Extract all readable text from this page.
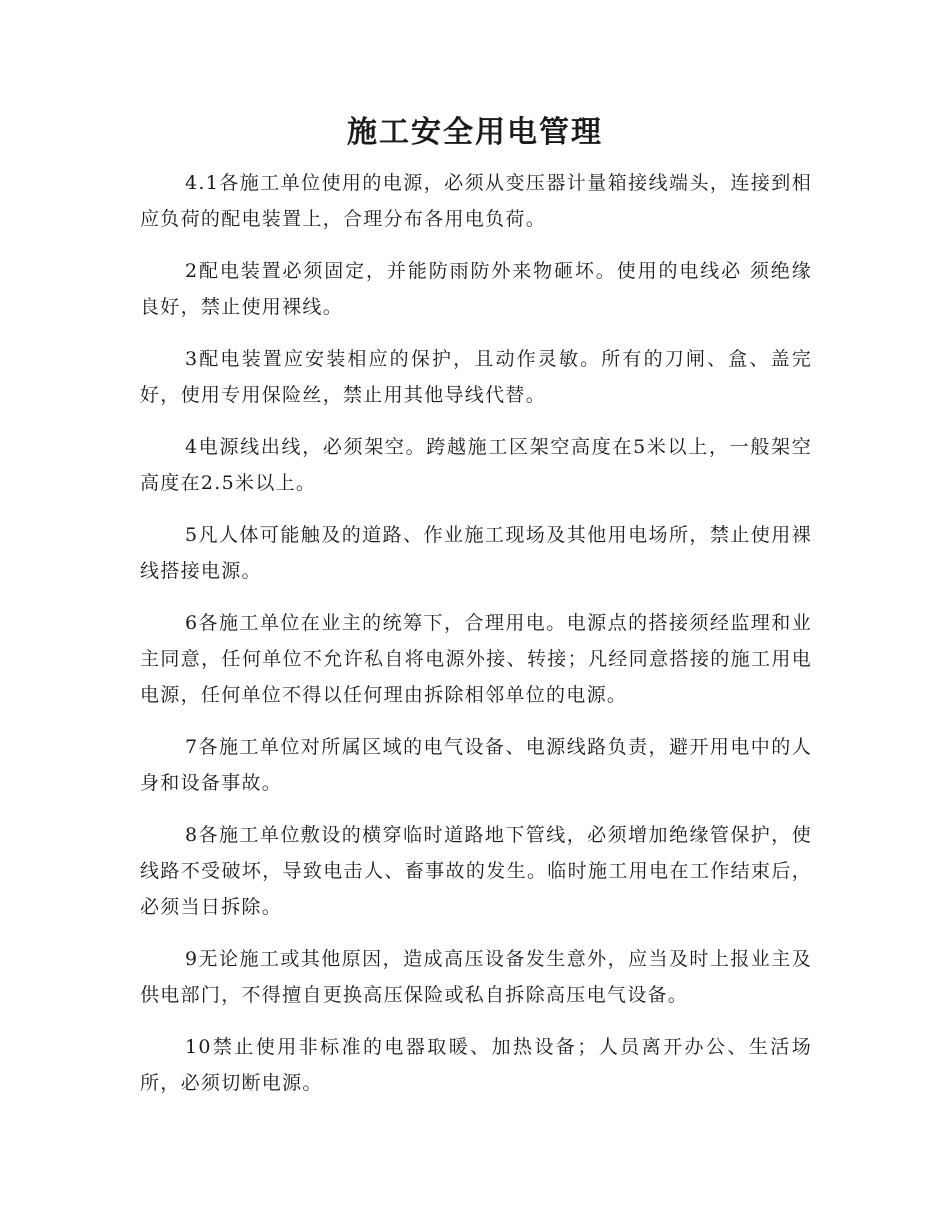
施工安全用电管理

4.1各施工单位使用的电源，必须从变压器计量箱接线端头，连接到相应负荷的配电装置上，合理分布各用电负荷。

2配电装置必须固定，并能防雨防外来物砸坏。使用的电线必 须绝缘良好，禁止使用裸线。

3配电装置应安装相应的保护，且动作灵敏。所有的刀闸、盒、盖完好，使用专用保险丝，禁止用其他导线代替。

4电源线出线，必须架空。跨越施工区架空高度在5米以上，一般架空高度在2.5米以上。

5凡人体可能触及的道路、作业施工现场及其他用电场所，禁止使用裸线搭接电源。

6各施工单位在业主的统筹下，合理用电。电源点的搭接须经监理和业主同意，任何单位不允许私自将电源外接、转接；凡经同意搭接的施工用电电源，任何单位不得以任何理由拆除相邻单位的电源。

7各施工单位对所属区域的电气设备、电源线路负责，避开用电中的人身和设备事故。

8各施工单位敷设的横穿临时道路地下管线，必须增加绝缘管保护，使线路不受破坏，导致电击人、畜事故的发生。临时施工用电在工作结束后，必须当日拆除。

9无论施工或其他原因，造成高压设备发生意外，应当及时上报业主及供电部门，不得擅自更换高压保险或私自拆除高压电气设备。

10禁止使用非标准的电器取暖、加热设备；人员离开办公、生活场所，必须切断电源。
